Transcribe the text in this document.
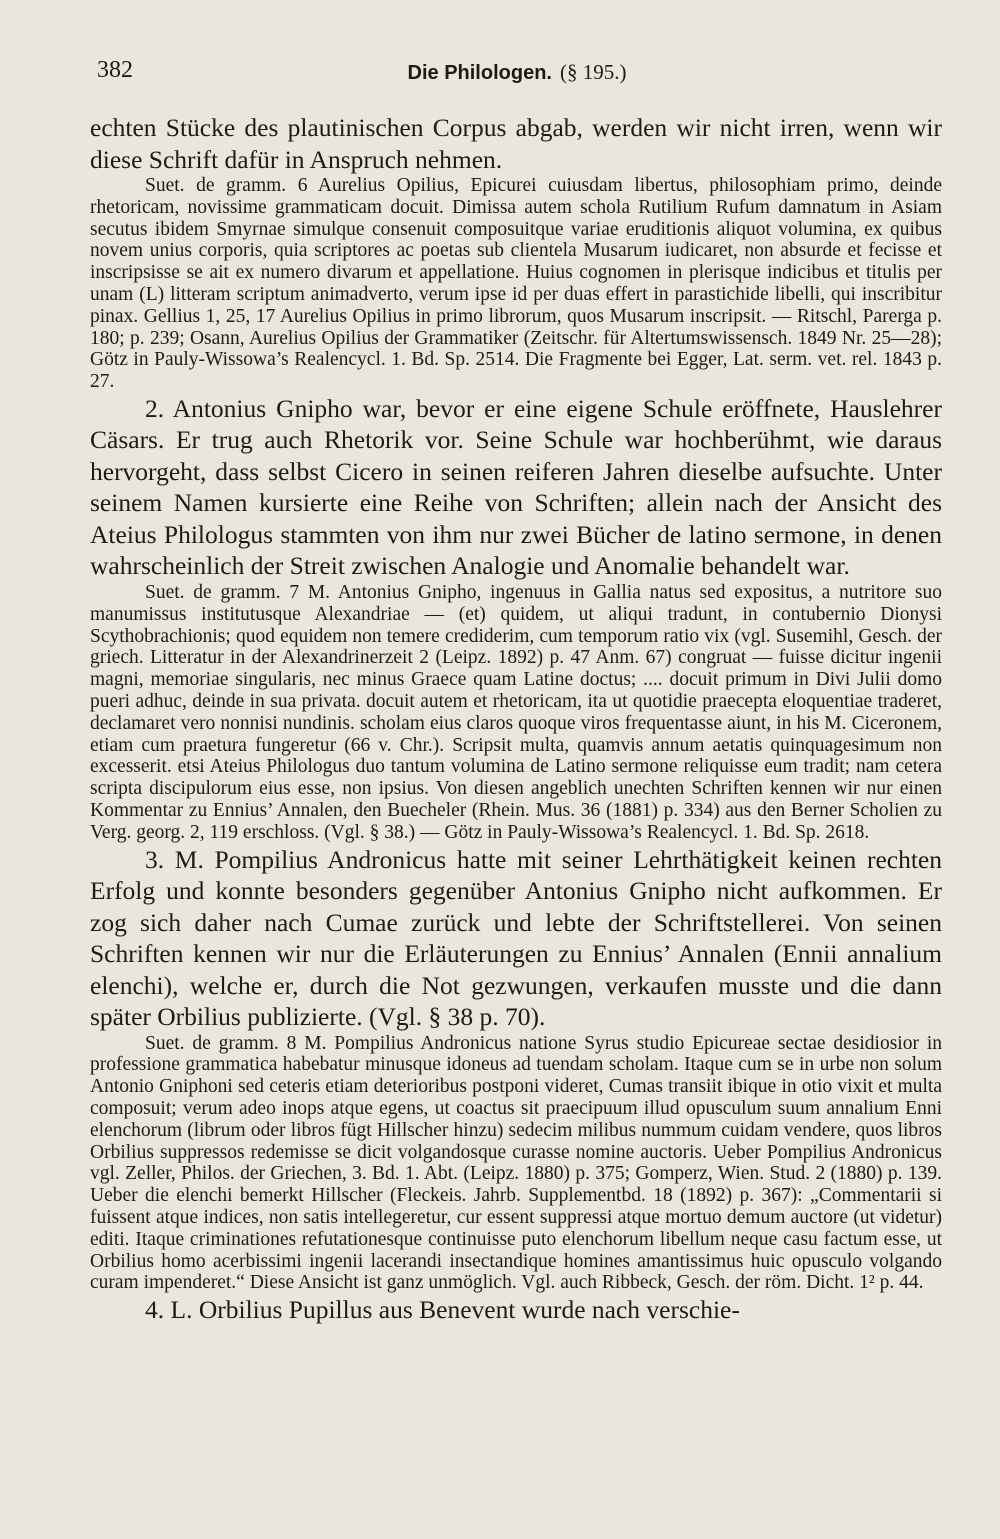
382	Die Philologen. (§ 195.)

echten Stücke des plautinischen Corpus abgab, werden wir nicht irren, wenn wir diese Schrift dafür in Anspruch nehmen.

Suet. de gramm. 6 Aurelius Opilius, Epicurei cuiusdam libertus, philosophiam primo, deinde rhetoricam, novissime grammaticam docuit. Dimissa autem schola Rutilium Rufum damnatum in Asiam secutus ibidem Smyrnae simulque consenuit composuitque variae eruditionis aliquot volumina, ex quibus novem unius corporis, quia scriptores ac poetas sub clientela Musarum iudicaret, non absurde et fecisse et inscripsisse se ait ex numero divarum et appellatione. Huius cognomen in plerisque indicibus et titulis per unam (L) litteram scriptum animadverto, verum ipse id per duas effert in parastichide libelli, qui inscribitur pinax. Gellius 1, 25, 17 Aurelius Opilius in primo librorum, quos Musarum inscripsit. — Ritschl, Parerga p. 180; p. 239; Osann, Aurelius Opilius der Grammatiker (Zeitschr. für Altertumswissensch. 1849 Nr. 25—28); Götz in Pauly-Wissowa’s Realencycl. 1. Bd. Sp. 2514. Die Fragmente bei Egger, Lat. serm. vet. rel. 1843 p. 27.

2. Antonius Gnipho war, bevor er eine eigene Schule eröffnete, Hauslehrer Cäsars. Er trug auch Rhetorik vor. Seine Schule war hochberühmt, wie daraus hervorgeht, dass selbst Cicero in seinen reiferen Jahren dieselbe aufsuchte. Unter seinem Namen kursierte eine Reihe von Schriften; allein nach der Ansicht des Ateius Philologus stammten von ihm nur zwei Bücher de latino sermone, in denen wahrscheinlich der Streit zwischen Analogie und Anomalie behandelt war.

Suet. de gramm. 7 M. Antonius Gnipho, ingenuus in Gallia natus sed expositus, a nutritore suo manumissus institutusque Alexandriae — (et) quidem, ut aliqui tradunt, in contubernio Dionysi Scythobrachionis; quod equidem non temere crediderim, cum temporum ratio vix (vgl. Susemihl, Gesch. der griech. Litteratur in der Alexandrinerzeit 2 (Leipz. 1892) p. 47 Anm. 67) congruat — fuisse dicitur ingenii magni, memoriae singularis, nec minus Graece quam Latine doctus; .... docuit primum in Divi Julii domo pueri adhuc, deinde in sua privata. docuit autem et rhetoricam, ita ut quotidie praecepta eloquentiae traderet, declamaret vero nonnisi nundinis. scholam eius claros quoque viros frequentasse aiunt, in his M. Ciceronem, etiam cum praetura fungeretur (66 v. Chr.). Scripsit multa, quamvis annum aetatis quinquagesimum non excesserit. etsi Ateius Philologus duo tantum volumina de Latino sermone reliquisse eum tradit; nam cetera scripta discipulorum eius esse, non ipsius. Von diesen angeblich unechten Schriften kennen wir nur einen Kommentar zu Ennius’ Annalen, den Buecheler (Rhein. Mus. 36 (1881) p. 334) aus den Berner Scholien zu Verg. georg. 2, 119 erschloss. (Vgl. § 38.) — Götz in Pauly-Wissowa’s Realencycl. 1. Bd. Sp. 2618.

3. M. Pompilius Andronicus hatte mit seiner Lehrthätigkeit keinen rechten Erfolg und konnte besonders gegenüber Antonius Gnipho nicht aufkommen. Er zog sich daher nach Cumae zurück und lebte der Schriftstellerei. Von seinen Schriften kennen wir nur die Erläuterungen zu Ennius’ Annalen (Ennii annalium elenchi), welche er, durch die Not gezwungen, verkaufen musste und die dann später Orbilius publizierte. (Vgl. § 38 p. 70).

Suet. de gramm. 8 M. Pompilius Andronicus natione Syrus studio Epicureae sectae desidiosior in professione grammatica habebatur minusque idoneus ad tuendam scholam. Itaque cum se in urbe non solum Antonio Gniphoni sed ceteris etiam deterioribus postponi videret, Cumas transiit ibique in otio vixit et multa composuit; verum adeo inops atque egens, ut coactus sit praecipuum illud opusculum suum annalium Enni elenchorum (librum oder libros fügt Hillscher hinzu) sedecim milibus nummum cuidam vendere, quos libros Orbilius suppressos redemisse se dicit volgandosque curasse nomine auctoris. Ueber Pompilius Andronicus vgl. Zeller, Philos. der Griechen, 3. Bd. 1. Abt. (Leipz. 1880) p. 375; Gomperz, Wien. Stud. 2 (1880) p. 139. Ueber die elenchi bemerkt Hillscher (Fleckeis. Jahrb. Supplementbd. 18 (1892) p. 367): „Commentarii si fuissent atque indices, non satis intellegeretur, cur essent suppressi atque mortuo demum auctore (ut videtur) editi. Itaque criminationes refutationesque continuisse puto elenchorum libellum neque casu factum esse, ut Orbilius homo acerbissimi ingenii lacerandi insectandique homines amantissimus huic opusculo volgando curam impenderet.“ Diese Ansicht ist ganz unmöglich. Vgl. auch Ribbeck, Gesch. der röm. Dicht. 1² p. 44.

4. L. Orbilius Pupillus aus Benevent wurde nach verschie-
